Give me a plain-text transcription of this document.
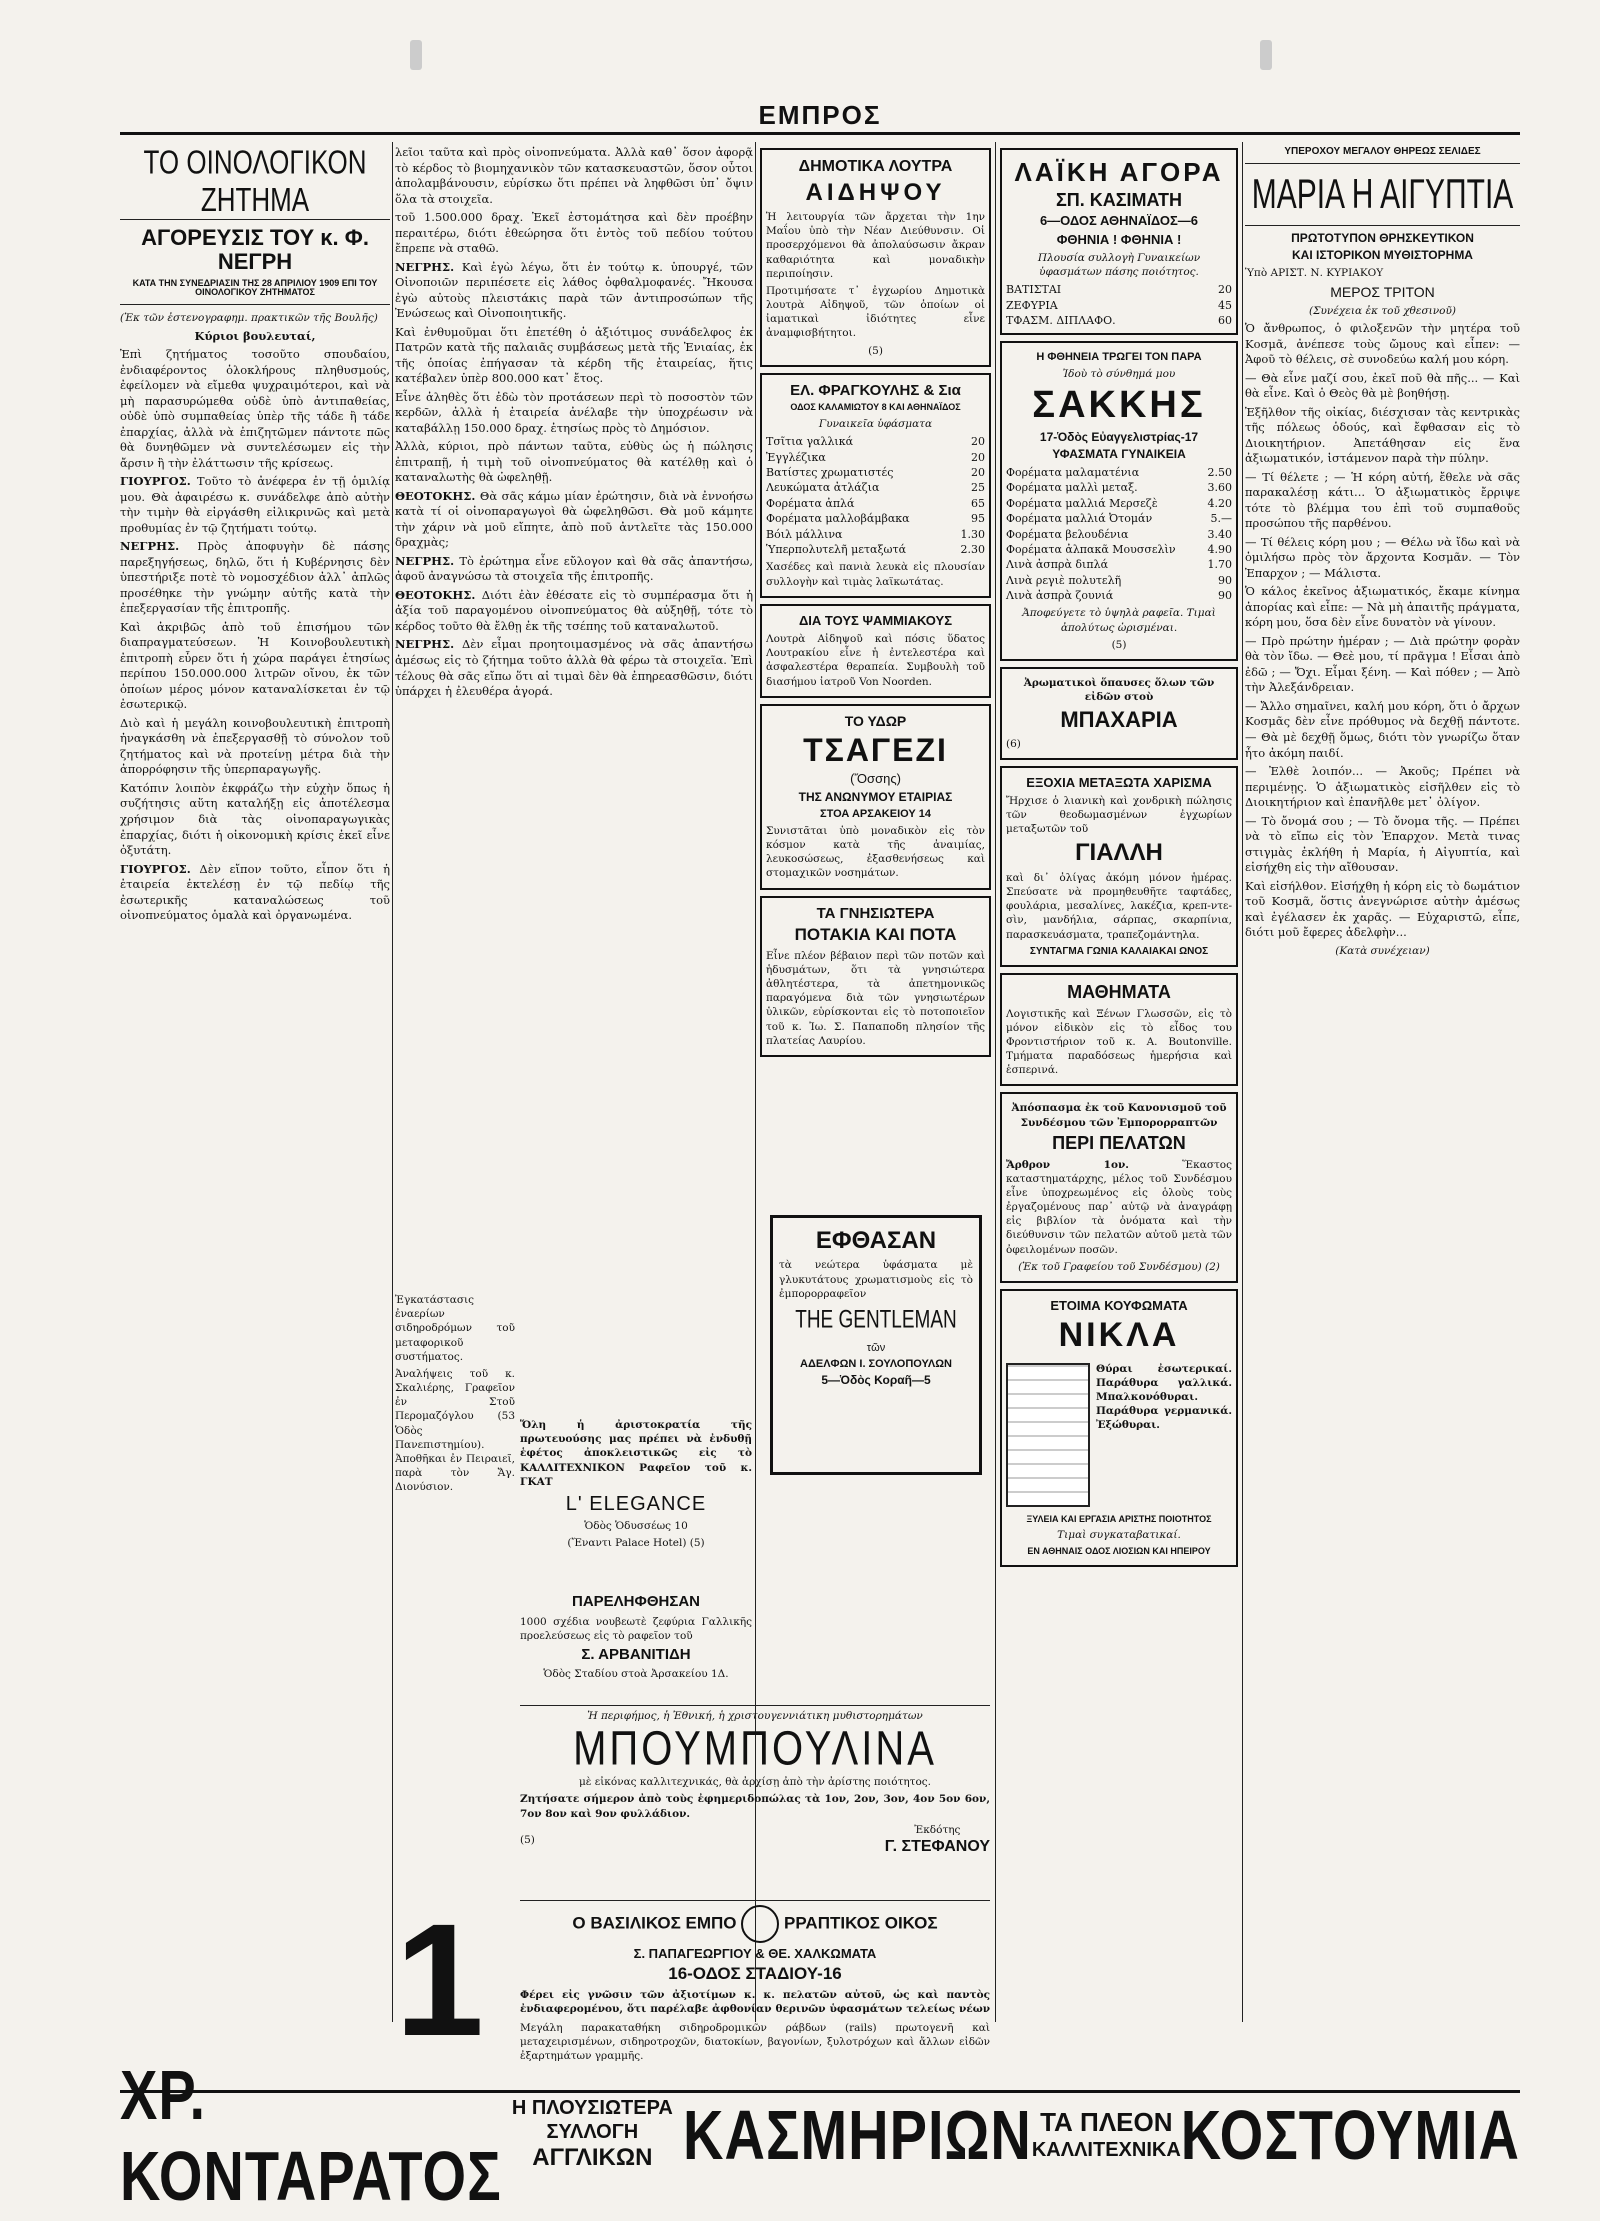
ΕΜΠΡΟΣ
ΤΟ ΟΙΝΟΛΟΓΙΚΟΝ ΖΗΤΗΜΑ
ΑΓΟΡΕΥΣΙΣ ΤΟΥ κ. Φ. ΝΕΓΡΗ
ΚΑΤΑ ΤΗΝ ΣΥΝΕΔΡΙΑΣΙΝ ΤΗΣ 28 ΑΠΡΙΛΙΟΥ 1909 ΕΠΙ ΤΟΥ ΟΙΝΟΛΟΓΙΚΟΥ ΖΗΤΗΜΑΤΟΣ
(Ἐκ τῶν ἐστενογραφημ. πρακτικῶν τῆς Βουλῆς)
Κύριοι βουλευταί,
Ἐπὶ ζητήματος τοσοῦτο σπουδαίου, ἐνδιαφέροντος ὁλοκλήρους πληθυσμούς, ἐφείλομεν νὰ εἴμεθα ψυχραιμότεροι, καὶ νὰ μὴ παρασυρώμεθα οὐδὲ ὑπὸ ἀντιπαθείας, οὐδὲ ὑπὸ συμπαθείας ὑπὲρ τῆς τάδε ἢ τάδε ἐπαρχίας, ἀλλὰ νὰ ἐπιζητῶμεν πάντοτε πῶς θὰ δυνηθῶμεν νὰ συντελέσωμεν εἰς τὴν ἄρσιν ἢ τὴν ἐλάττωσιν τῆς κρίσεως.
ΓΙΟΥΡΓΟΣ. Τοῦτο τὸ ἀνέφερα ἐν τῇ ὁμιλίᾳ μου. Θὰ ἀφαιρέσω κ. συνάδελφε ἀπὸ αὐτὴν τὴν τιμὴν θὰ εἰργάσθη εἰλικρινῶς καὶ μετὰ προθυμίας ἐν τῷ ζητήματι τούτῳ.
ΝΕΓΡΗΣ. Πρὸς ἀποφυγὴν δὲ πάσης παρεξηγήσεως, δηλῶ, ὅτι ἡ Κυβέρνησις δὲν ὑπεστήριξε ποτὲ τὸ νομοσχέδιον ἀλλ᾽ ἀπλῶς προσέθηκε τὴν γνώμην αὐτῆς κατὰ τὴν ἐπεξεργασίαν τῆς ἐπιτροπῆς.
Καὶ ἀκριβῶς ἀπὸ τοῦ ἐπισήμου τῶν διαπραγματεύσεων. Ἡ Κοινοβουλευτικὴ ἐπιτροπὴ εὗρεν ὅτι ἡ χώρα παράγει ἐτησίως περίπου 150.000.000 λιτρῶν οἴνου, ἐκ τῶν ὁποίων μέρος μόνον καταναλίσκεται ἐν τῷ ἐσωτερικῷ.
Διὸ καὶ ἡ μεγάλη κοινοβουλευτικὴ ἐπιτροπὴ ἠναγκάσθη νὰ ἐπεξεργασθῇ τὸ σύνολον τοῦ ζητήματος καὶ νὰ προτείνῃ μέτρα διὰ τὴν ἀπορρόφησιν τῆς ὑπερπαραγωγῆς.
Κατόπιν λοιπὸν ἐκφράζω τὴν εὐχὴν ὅπως ἡ συζήτησις αὕτη καταλήξῃ εἰς ἀποτέλεσμα χρήσιμον διὰ τὰς οἰνοπαραγωγικὰς ἐπαρχίας, διότι ἡ οἰκονομικὴ κρίσις ἐκεῖ εἶνε ὀξυτάτη.
ΓΙΟΥΡΓΟΣ. Δὲν εἴπον τοῦτο, εἶπον ὅτι ἡ ἐταιρεία ἐκτελέσῃ ἐν τῷ πεδίῳ τῆς ἐσωτερικῆς καταναλώσεως τοῦ οἰνοπνεύματος ὁμαλὰ καὶ ὀργανωμένα.
λεῖοι ταῦτα καὶ πρὸς οἰνοπνεύματα. Ἀλλὰ καθ᾽ ὅσον ἀφορᾷ τὸ κέρδος τὸ βιομηχανικὸν τῶν κατασκευαστῶν, ὅσον οὗτοι ἀπολαμβάνουσιν, εὑρίσκω ὅτι πρέπει νὰ ληφθῶσι ὑπ᾽ ὄψιν ὅλα τὰ στοιχεῖα.
τοῦ 1.500.000 δραχ. Ἐκεῖ ἐστομάτησα καὶ δὲν προέβην περαιτέρω, διότι ἐθεώρησα ὅτι ἐντὸς τοῦ πεδίου τούτου ἔπρεπε νὰ σταθῶ.
ΝΕΓΡΗΣ. Καὶ ἐγὼ λέγω, ὅτι ἐν τούτῳ κ. ὑπουργέ, τῶν Οἰνοποιῶν περιπέσετε εἰς λάθος ὀφθαλμοφανές. Ἤκουσα ἐγὼ αὐτοὺς πλειστάκις παρὰ τῶν ἀντιπροσώπων τῆς Ἐνώσεως καὶ Οἰνοποιητικῆς.
Καὶ ἐνθυμοῦμαι ὅτι ἐπετέθη ὁ ἀξιότιμος συνάδελφος ἐκ Πατρῶν κατὰ τῆς παλαιᾶς συμβάσεως μετὰ τῆς Ἐνιαίας, ἐκ τῆς ὁποίας ἐπήγασαν τὰ κέρδη τῆς ἐταιρείας, ἥτις κατέβαλεν ὑπὲρ 800.000 κατ᾽ ἔτος.
Εἶνε ἀληθὲς ὅτι ἐδὼ τὸν προτάσεων περὶ τὸ ποσοστὸν τῶν κερδῶν, ἀλλὰ ἡ ἐταιρεία ἀνέλαβε τὴν ὑποχρέωσιν νὰ καταβάλλῃ 150.000 δραχ. ἐτησίως πρὸς τὸ Δημόσιον.
Ἀλλὰ, κύριοι, πρὸ πάντων ταῦτα, εὐθὺς ὡς ἡ πώλησις ἐπιτραπῇ, ἡ τιμὴ τοῦ οἰνοπνεύματος θὰ κατέλθῃ καὶ ὁ καταναλωτὴς θὰ ὠφεληθῇ.
ΘΕΟΤΟΚΗΣ. Θὰ σᾶς κάμω μίαν ἐρώτησιν, διὰ νὰ ἐννοήσω κατὰ τί οἱ οἰνοπαραγωγοὶ θὰ ὠφεληθῶσι. Θὰ μοῦ κάμητε τὴν χάριν νὰ μοῦ εἴπητε, ἀπὸ ποῦ ἀντλεῖτε τὰς 150.000 δραχμὰς;
ΝΕΓΡΗΣ. Τὸ ἐρώτημα εἶνε εὔλογον καὶ θὰ σᾶς ἀπαντήσω, ἀφοῦ ἀναγνώσω τὰ στοιχεῖα τῆς ἐπιτροπῆς.
ΘΕΟΤΟΚΗΣ. Διότι ἐὰν ἐθέσατε εἰς τὸ συμπέρασμα ὅτι ἡ ἀξία τοῦ παραγομένου οἰνοπνεύματος θὰ αὐξηθῇ, τότε τὸ κέρδος τοῦτο θὰ ἔλθῃ ἐκ τῆς τσέπης τοῦ καταναλωτοῦ.
ΝΕΓΡΗΣ. Δὲν εἶμαι προητοιμασμένος νὰ σᾶς ἀπαντήσω ἀμέσως εἰς τὸ ζήτημα τοῦτο ἀλλὰ θὰ φέρω τὰ στοιχεῖα. Ἐπὶ τέλους θὰ σᾶς εἴπω ὅτι αἱ τιμαὶ δὲν θὰ ἐπηρεασθῶσιν, διότι ὑπάρχει ἡ ἐλευθέρα ἀγορά.
ΔΗΜΟΤΙΚΑ ΛΟΥΤΡΑ
ΑΙΔΗΨΟΥ
Ἡ λειτουργία τῶν ἄρχεται τὴν 1ην Μαΐου ὑπὸ τὴν Νέαν Διεύθυνσιν. Οἱ προσερχόμενοι θὰ ἀπολαύσωσιν ἄκραν καθαριότητα καὶ μοναδικὴν περιποίησιν.
Προτιμήσατε τ᾽ ἐγχωρίου Δημοτικὰ λουτρὰ Αἰδηψοῦ, τῶν ὁποίων οἱ ἰαματικαὶ ἰδιότητες εἶνε ἀναμφισβήτητοι.
(5)
ΕΛ. ΦΡΑΓΚΟΥΛΗΣ & Σια
ΟΔΟΣ ΚΑΛΑΜΙΩΤΟΥ 8 ΚΑΙ ΑΘΗΝΑΪΔΟΣ
Γυναικεῖα ὑφάσματα
Τσῖτια γαλλικά	20
Ἐγγλέζικα	20
Βατίστες χρωματιστές	20
Λευκώματα ἀτλάζια	25
Φορέματα ἀπλά	65
Φορέματα μαλλοβάμβακα	95
Βόιλ μάλλινα	1.30
Ὑπερπολυτελῆ μεταξωτά	2.30
Χασέδες καὶ πανιὰ λευκὰ εἰς πλουσίαν συλλογὴν καὶ τιμὰς λαϊκωτάτας.
ΔΙΑ ΤΟΥΣ ΨΑΜΜΙΑΚΟΥΣ
Λουτρὰ Αἰδηψοῦ καὶ πόσις ὕδατος Λουτρακίου εἶνε ἡ ἐντελεστέρα καὶ ἀσφαλεστέρα θεραπεία. Συμβουλὴ τοῦ διασήμου ἰατροῦ Von Noorden.
ΤΟ ΥΔΩΡ
ΤΣΑΓΕΖΙ
(Ὄσσης)
ΤΗΣ ΑΝΩΝΥΜΟΥ ΕΤΑΙΡΙΑΣ
ΣΤΟΑ ΑΡΣΑΚΕΙΟΥ 14
Συνιστᾶται ὑπὸ μοναδικὸν εἰς τὸν κόσμον κατὰ τῆς ἀναιμίας, λευκοσώσεως, ἐξασθενήσεως καὶ στομαχικῶν νοσημάτων.
ΤΑ ΓΝΗΣΙΩΤΕΡΑ
ΠΟΤΑΚΙΑ ΚΑΙ ΠΟΤΑ
Εἶνε πλέον βέβαιον περὶ τῶν ποτῶν καὶ ἡδυσμάτων, ὅτι τὰ γνησιώτερα ἀθλητέστερα, τὰ ἀπετημονικῶς παραγόμενα διὰ τῶν γνησιωτέρων ὑλικῶν, εὑρίσκονται εἰς τὸ ποτοποιεῖον τοῦ κ. Ἰω. Σ. Παπαποδη πλησίον τῆς πλατείας Λαυρίου.
ΕΦΘΑΣΑΝ
τὰ νεώτερα ὑφάσματα μὲ γλυκυτάτους χρωματισμοὺς εἰς τὸ ἐμπορορραφεῖον
THE GENTLEMAN
τῶν
ΑΔΕΛΦΩΝ Ι. ΣΟΥΛΟΠΟΥΛΩΝ
5—Ὁδὸς Κοραῆ—5
Ὅλη ἡ ἀριστοκρατία τῆς πρωτευούσης μας πρέπει νὰ ἐνδυθῇ ἑφέτος ἀποκλειστικῶς εἰς τὸ ΚΑΛΛΙΤΕΧΝΙΚΟΝ Ραφεῖον τοῦ κ. ΓΚΑΤ
L' ELEGANCE
Ὁδὸς Ὁδυσσέως 10
(Ἔναντι Palace Hotel) (5)
ΠΑΡΕΛΗΦΘΗΣΑΝ
1000 σχέδια νουβεωτὲ ζεφύρια Γαλλικῆς προελεύσεως εἰς τὸ ραφεῖον τοῦ
Σ. ΑΡΒΑΝΙΤΙΔΗ
Ὁδὸς Σταδίου στοὰ Ἀρσακείου 1Δ.
Ἡ περιφήμος, ἡ Ἐθνική, ἡ χριστουγεννιάτικη μυθιστορημάτων
ΜΠΟΥΜΠΟΥΛΙΝΑ
μὲ εἰκόνας καλλιτεχνικάς, θὰ ἀρχίσῃ ἀπὸ τὴν ἀρίστης ποιότητος.
Ζητήσατε σήμερον ἀπὸ τοὺς ἐφημεριδοπώλας τὰ 1ον, 2ον, 3ον, 4ον 5ον 6ον, 7ον 8ον καὶ 9ον φυλλάδιον.
(5)
Ἐκδότης
Γ. ΣΤΕΦΑΝΟΥ
Ο ΒΑΣΙΛΙΚΟΣ ΕΜΠΟ	ΡΡΑΠΤΙΚΟΣ ΟΙΚΟΣ
Σ. ΠΑΠΑΓΕΩΡΓΙΟΥ & ΘΕ. ΧΑΛΚΩΜΑΤΑ
16-ΟΔΟΣ ΣΤΑΔΙΟΥ-16
Φέρει εἰς γνῶσιν τῶν ἀξιοτίμων κ. κ. πελατῶν αὐτοῦ, ὡς καὶ παντὸς ἐνδιαφερομένου, ὅτι παρέλαβε ἀφθονίαν θερινῶν ὑφασμάτων τελείως νέων
1	Μεγάλη παρακαταθήκη σιδηροδρομικῶν ράβδων (rails) πρωτογενῆ καὶ μεταχειρισμένων, σιδηροτροχῶν, διατοκίων, βαγονίων, ξυλοτρόχων καὶ ἄλλων εἰδῶν ἐξαρτημάτων γραμμῆς.
Ἐγκατάστασις ἐναερίων σιδηροδρόμων τοῦ μεταφορικοῦ συστήματος.
Ἀναλήψεις τοῦ κ. Σκαλιέρης, Γραφεῖον ἐν Στοῦ Περομαζόγλου (53 Ὁδὸς Πανεπιστημίου). Ἀποθῆκαι ἐν Πειραιεῖ, παρὰ τὸν Ἄγ. Διονύσιον.
ΛΑΪΚΗ ΑΓΟΡΑ
ΣΠ. ΚΑΣΙΜΑΤΗ
6—ΟΔΟΣ ΑΘΗΝΑΪΔΟΣ—6
ΦΘΗΝΙΑ ! ΦΘΗΝΙΑ !
Πλουσία συλλογὴ Γυναικείων ὑφασμάτων πάσης ποιότητος.
ΒΑΤΙΣΤΑΙ	20
ΖΕΦΥΡΙΑ	45
ΤΦΑΣΜ. ΔΙΠΛΑΦΟ.	60
Η ΦΘΗΝΕΙΑ ΤΡΩΓΕΙ ΤΟΝ ΠΑΡΑ
Ἰδοὺ τὸ σύνθημά μου
ΣΑΚΚΗΣ
17-Ὁδὸς Εὐαγγελιστρίας-17
ΥΦΑΣΜΑΤΑ ΓΥΝΑΙΚΕΙΑ
Φορέματα μαλαματένια	2.50
Φορέματα μαλλὶ μεταξ.	3.60
Φορέματα μαλλιά Μερσεζὲ	4.20
Φορέματα μαλλιά Ὀτομάν	5.—
Φορέματα βελουδένια	3.40
Φορέματα ἀλπακᾶ Μουσσελὶν	4.90
Λινὰ ἀσπρὰ διπλά	1.70
Λινὰ ρεγιὲ πολυτελῆ	90
Λινὰ ἀσπρὰ ζουνιά	90
Ἀποφεύγετε τὸ ὑψηλὰ ραφεῖα. Τιμαὶ ἀπολύτως ὡρισμέναι.
(5)
Ἀρωματικοὶ ὅπαυσες ὅλων τῶν εἰδῶν στοὺ
ΜΠΑΧΑΡΙΑ
(6)
ΕΞΟΧΙΑ ΜΕΤΑΞΩΤΑ ΧΑΡΙΣΜΑ
Ἤρχισε ὁ λιανικὴ καὶ χονδρικὴ πώλησις τῶν θεοδωμασμένων ἐγχωρίων μεταξωτῶν τοῦ
ΓΙΑΛΛΗ
καὶ δι᾽ ὀλίγας ἀκόμη μόνον ἡμέρας. Σπεύσατε νὰ προμηθευθῆτε ταφτάδες, φουλάρια, μεσαλίνες, λακέζια, κρεπ-ντε-σὶν, μανδήλια, σάρπας, σκαρπίνια, παρασκευάσματα, τραπεζομάντηλα.
ΣΥΝΤΑΓΜΑ ΓΩΝΙΑ ΚΑΛΑΙΑΚΑΙ ΩΝΟΣ
ΜΑΘΗΜΑΤΑ
Λογιστικῆς καὶ Ξένων Γλωσσῶν, εἰς τὸ μόνον εἰδικὸν εἰς τὸ εἶδος του Φροντιστήριον τοῦ κ. Α. Boutonville. Τμήματα παραδόσεως ἡμερήσια καὶ ἑσπερινά.
Ἀπόσπασμα ἐκ τοῦ Κανονισμοῦ τοῦ Συνδέσμου τῶν Ἐμπορορραπτῶν
ΠΕΡΙ ΠΕΛΑΤΩΝ
Ἄρθρον 1ον.	Ἕκαστος καταστηματάρχης, μέλος τοῦ Συνδέσμου εἶνε ὑποχρεωμένος εἰς ὁλοὺς τοὺς ἐργαζομένους παρ᾽ αὐτῷ νὰ ἀναγράφῃ εἰς βιβλίον τὰ ὀνόματα καὶ τὴν διεύθυνσιν τῶν πελατῶν αὐτοῦ μετὰ τῶν ὀφειλομένων ποσῶν.
(Ἐκ τοῦ Γραφείου τοῦ Συνδέσμου) (2)
ΕΤΟΙΜΑ ΚΟΥΦΩΜΑΤΑ
ΝΙΚΛΑ
Θύραι ἐσωτερικαί. Παράθυρα γαλλικά. Μπαλκονόθυραι. Παράθυρα γερμανικά. Ἐξώθυραι.
ΞΥΛΕΙΑ ΚΑΙ ΕΡΓΑΣΙΑ ΑΡΙΣΤΗΣ ΠΟΙΟΤΗΤΟΣ
Τιμαὶ συγκαταβατικαί.
ΕΝ ΑΘΗΝΑΙΣ ΟΔΟΣ ΛΙΟΣΙΩΝ ΚΑΙ ΗΠΕΙΡΟΥ
ΥΠΕΡΟΧΟΥ ΜΕΓΑΛΟΥ ΘΗΡΕΩΣ ΣΕΛΙΔΕΣ
ΜΑΡΙΑ Η ΑΙΓΥΠΤΙΑ
ΠΡΩΤΟΤΥΠΟΝ ΘΡΗΣΚΕΥΤΙΚΟΝ
ΚΑΙ ΙΣΤΟΡΙΚΟΝ ΜΥΘΙΣΤΟΡΗΜΑ
Ὑπὸ ΑΡΙΣΤ. Ν. ΚΥΡΙΑΚΟΥ
ΜΕΡΟΣ ΤΡΙΤΟΝ
(Συνέχεια ἐκ τοῦ χθεσινοῦ)
Ὁ ἄνθρωπος, ὁ φιλοξενῶν τὴν μητέρα τοῦ Κοσμᾶ, ἀνέπεσε τοὺς ὤμους καὶ εἶπεν: — Ἀφοῦ τὸ θέλεις, σὲ συνοδεύω καλή μου κόρη.
— Θὰ εἶνε μαζί σου, ἐκεῖ ποῦ θὰ πῆς... — Καὶ θὰ εἶνε. Καὶ ὁ Θεὸς θὰ μὲ βοηθήσῃ.
Ἐξῆλθον τῆς οἰκίας, διέσχισαν τὰς κεντρικὰς τῆς πόλεως ὁδούς, καὶ ἔφθασαν εἰς τὸ Διοικητήριον. Ἀπετάθησαν εἰς ἕνα ἀξιωματικόν, ἱστάμενον παρὰ τὴν πύλην.
— Τί θέλετε ; — Ἡ κόρη αὐτή, ἔθελε νὰ σᾶς παρακαλέσῃ κάτι... Ὁ ἀξιωματικὸς ἔρριψε τότε τὸ βλέμμα του ἐπὶ τοῦ συμπαθοῦς προσώπου τῆς παρθένου.
— Τί θέλεις κόρη μου ; — Θέλω νὰ ἴδω καὶ νὰ ὁμιλήσω πρὸς τὸν ἄρχοντα Κοσμᾶν. — Τὸν Ἐπαρχον ; — Μάλιστα.
Ὁ κάλος ἐκεῖνος ἀξιωματικός, ἔκαμε κίνημα ἀπορίας καὶ εἶπε: — Νὰ μὴ ἀπαιτῆς πράγματα, κόρη μου, ὅσα δὲν εἶνε δυνατὸν νὰ γίνουν.
— Πρὸ πρώτην ἡμέραν ; — Διὰ πρώτην φορὰν θὰ τὸν ἴδω. — Θεὲ μου, τί πρᾶγμα ! Εἶσαι ἀπὸ ἐδῶ ; — Ὄχι. Εἶμαι ξένη. — Καὶ πόθεν ; — Ἀπὸ τὴν Ἀλεξάνδρειαν.
— Ἄλλο σημαῖνει, καλή μου κόρη, ὅτι ὁ ἄρχων Κοσμᾶς δὲν εἶνε πρόθυμος νὰ δεχθῇ πάντοτε. — Θὰ μὲ δεχθῇ ὅμως, διότι τὸν γνωρίζω ὅταν ἦτο ἀκόμη παιδί.
— Ἐλθὲ λοιπόν... — Ἀκοῦς; Πρέπει νὰ περιμένῃς. Ὁ ἀξιωματικὸς εἰσῆλθεν εἰς τὸ Διοικητήριον καὶ ἐπανῆλθε μετ᾽ ὀλίγον.
— Τὸ ὄνομά σου ; — Τὸ ὄνομα τῆς. — Πρέπει νὰ τὸ εἴπω εἰς τὸν Ἐπαρχον. Μετὰ τινας στιγμὰς ἐκλήθη ἡ Μαρία, ἡ Αἰγυπτία, καὶ εἰσήχθη εἰς τὴν αἴθουσαν.
Καὶ εἰσήλθον. Εἰσήχθη ἡ κόρη εἰς τὸ δωμάτιον τοῦ Κοσμᾶ, ὅστις ἀνεγνώρισε αὐτὴν ἀμέσως καὶ ἐγέλασεν ἐκ χαρᾶς. — Εὐχαριστῶ, εἶπε, διότι μοῦ ἔφερες ἀδελφὴν...
(Κατὰ συνέχειαν)
ΧΡ. ΚΟΝΤΑΡΑΤΟΣ
Η ΠΛΟΥΣΙΩΤΕΡΑ ΣΥΛΛΟΓΗ
ΑΓΓΛΙΚΩΝ ΚΑΣΜΗΡΙΩΝ ΤΑ ΠΛΕΟΝ
ΚΑΛΛΙΤΕΧΝΙΚΑ ΚΟΣΤΟΥΜΙΑ
